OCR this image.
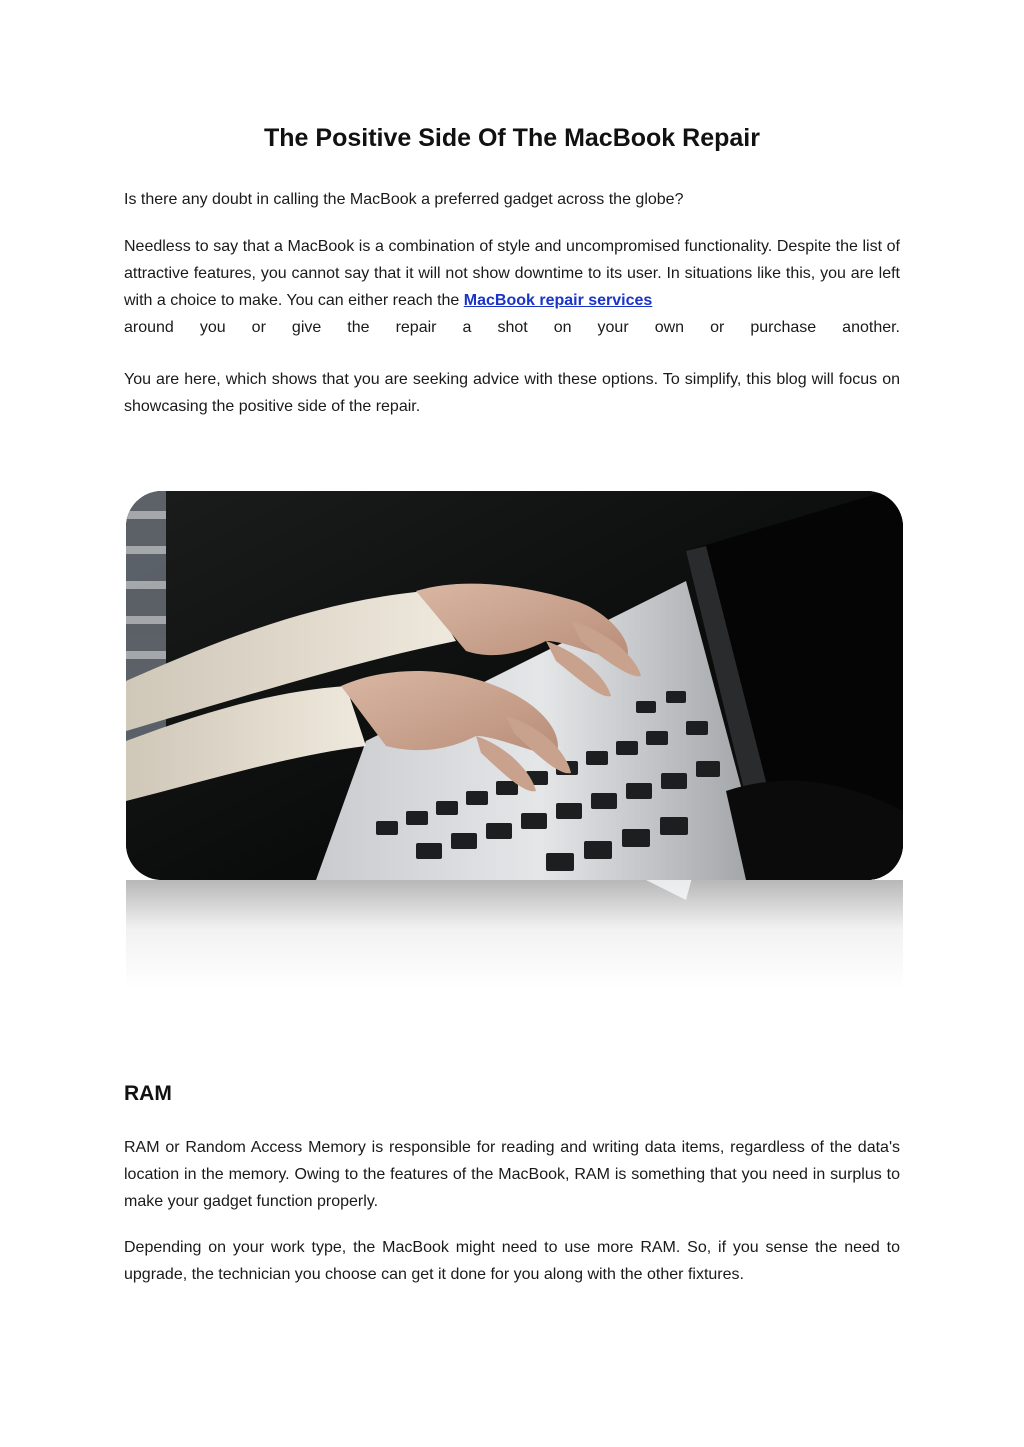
The Positive Side Of The MacBook Repair

Is there any doubt in calling the MacBook a preferred gadget across the globe?

Needless to say that a MacBook is a combination of style and uncompromised functionality. Despite the list of attractive features, you cannot say that it will not show downtime to its user. In situations like this, you are left with a choice to make. You can either reach the MacBook repair services
around you or give the repair a shot on your own or purchase another.

You are here, which shows that you are seeking advice with these options. To simplify, this blog will focus on showcasing the positive side of the repair.

RAM

RAM or Random Access Memory is responsible for reading and writing data items, regardless of the data's location in the memory. Owing to the features of the MacBook, RAM is something that you need in surplus to make your gadget function properly.

Depending on your work type, the MacBook might need to use more RAM. So, if you sense the need to upgrade, the technician you choose can get it done for you along with the other fixtures.
